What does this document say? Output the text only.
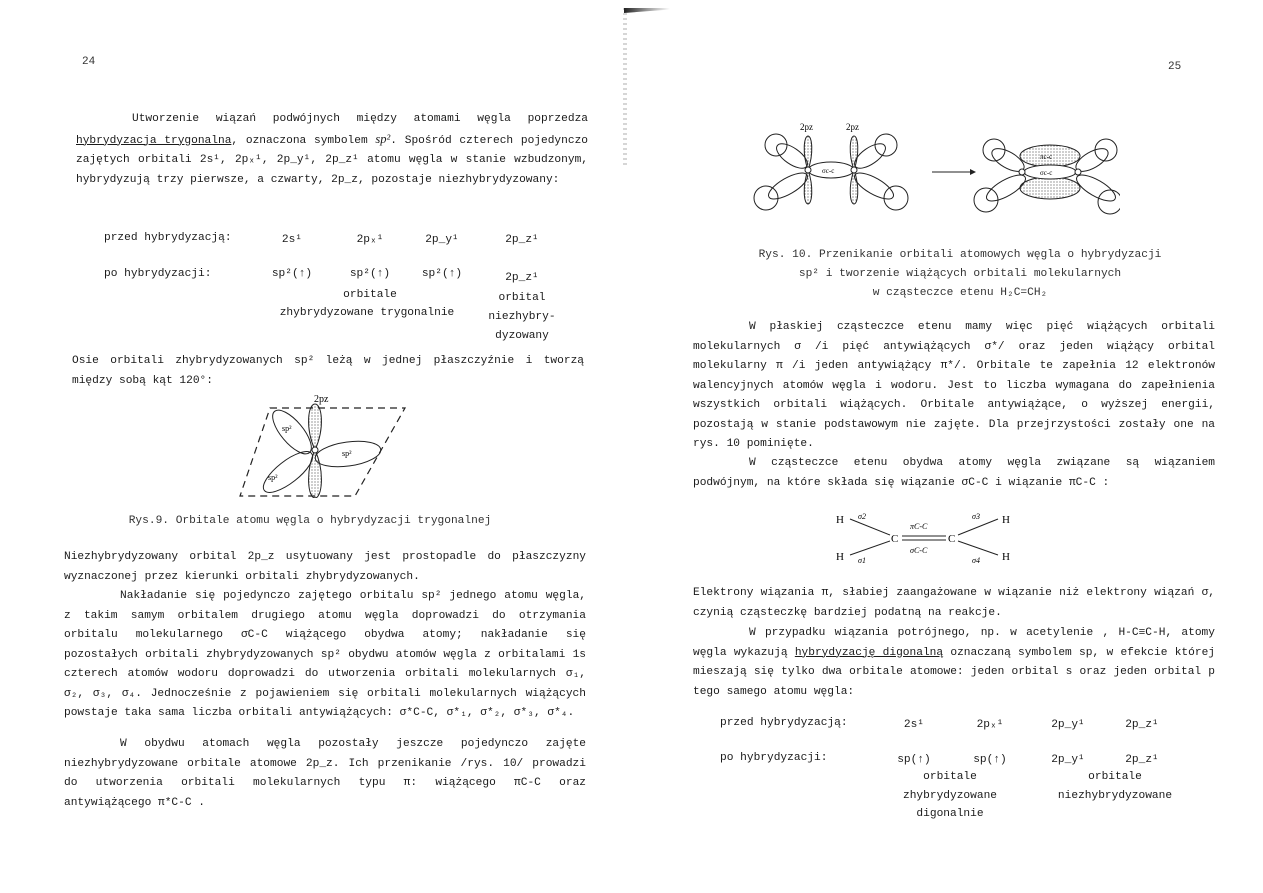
24
Utworzenie wiązań podwójnych między atomami węgla poprzedza hybrydyzacja trygonalna, oznaczona symbolem sp². Spośród czterech pojedynczo zajętych orbitali 2s¹, 2pₓ¹, 2p_y¹, 2p_z¹ atomu węgla w stanie wzbudzonym, hybrydyzują trzy pierwsze, a czwarty, 2p_z, pozostaje niezhybrydyzowany:
przed hybrydyzacją:	2s¹	2pₓ¹	2p_y¹	2p_z¹
po hybrydyzacji:	sp²(↑)	sp²(↑)	sp²(↑)	2p_z¹
orbitale
zhybrydyzowane trygonalnie
orbital
niezhybry-
dyzowany
Osie orbitali zhybrydyzowanych sp² leżą w jednej płaszczyźnie i tworzą między sobą kąt 120°:
2pz
sp²
sp²
sp²
Rys.9. Orbitale atomu węgla o hybrydyzacji trygonalnej
Niezhybrydyzowany orbital 2p_z usytuowany jest prostopadle do płaszczyzny wyznaczonej przez kierunki orbitali zhybrydyzowanych.
Nakładanie się pojedynczo zajętego orbitalu sp² jednego atomu węgla, z takim samym orbitalem drugiego atomu węgla doprowadzi do otrzymania orbitalu molekularnego σC-C wiążącego obydwa atomy; nakładanie się pozostałych orbitali zhybrydyzowanych sp² obydwu atomów węgla z orbitalami 1s czterech atomów wodoru doprowadzi do utworzenia orbitali molekularnych σ₁, σ₂, σ₃, σ₄. Jednocześnie z pojawieniem się orbitali molekularnych wiążących powstaje taka sama liczba orbitali antywiążących: σ*C-C, σ*₁, σ*₂, σ*₃, σ*₄.
W obydwu atomach węgla pozostały jeszcze pojedynczo zajęte niezhybrydyzowane orbitale atomowe 2p_z. Ich przenikanie /rys. 10/ prowadzi do utworzenia orbitali molekularnych typu π: wiążącego πC-C oraz antywiążącego π*C-C .
25
2pz	2pz
σc-c
πc-c
σc-c
Rys. 10. Przenikanie orbitali atomowych węgla o hybrydyzacji
sp² i tworzenie wiążących orbitali molekularnych
w cząsteczce etenu H₂C=CH₂
W płaskiej cząsteczce etenu mamy więc pięć wiążących orbitali molekularnych σ /i pięć antywiążących σ*/ oraz jeden wiążący orbital molekularny π /i jeden antywiążący π*/. Orbitale te zapełnia 12 elektronów walencyjnych atomów węgla i wodoru. Jest to liczba wymagana do zapełnienia wszystkich orbitali wiążących. Orbitale antywiążące, o wyższej energii, pozostają w stanie podstawowym nie zajęte. Dla przejrzystości zostały one na rys. 10 pominięte.
W cząsteczce etenu obydwa atomy węgla związane są wiązaniem podwójnym, na które składa się wiązanie σC-C i wiązanie πC-C :
H
H
C	C
H
H
σ2
σ1
πC-C
σC-C
σ3
σ4
Elektrony wiązania π, słabiej zaangażowane w wiązanie niż elektrony wiązań σ, czynią cząsteczkę bardziej podatną na reakcje.
W przypadku wiązania potrójnego, np. w acetylenie , H-C≡C-H, atomy węgla wykazują hybrydyzację digonalną oznaczaną symbolem sp, w efekcie której mieszają się tylko dwa orbitale atomowe: jeden orbital s oraz jeden orbital p tego samego atomu węgla:
przed hybrydyzacją:	2s¹	2pₓ¹	2p_y¹	2p_z¹
po hybrydyzacji:	sp(↑)	sp(↑)	2p_y¹	2p_z¹
orbitale
zhybrydyzowane
digonalnie
orbitale
niezhybrydyzowane
